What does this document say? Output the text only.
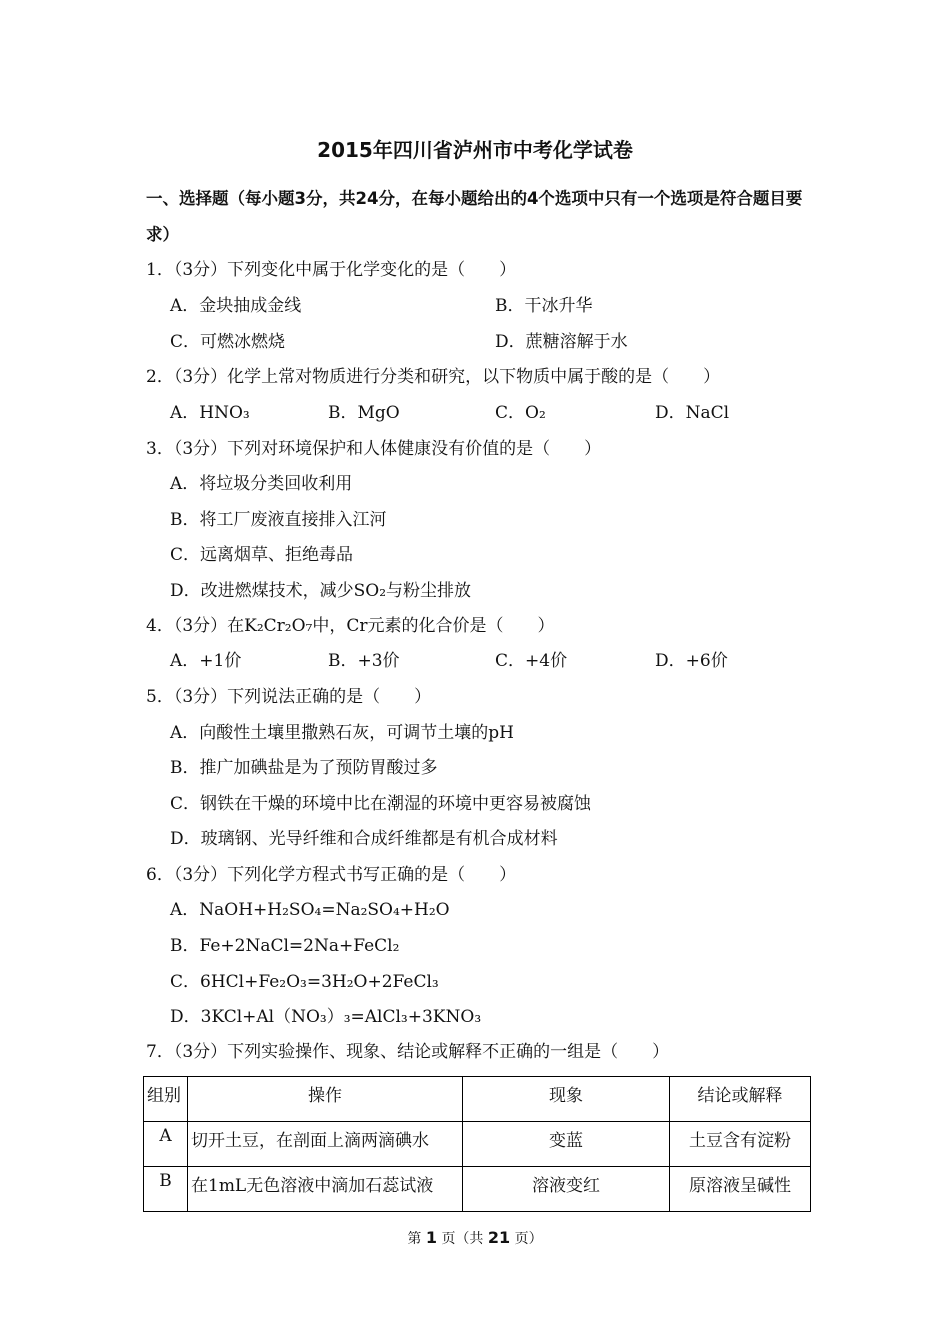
2015年四川省泸州市中考化学试卷
一、选择题（每小题3分，共24分，在每小题给出的4个选项中只有一个选项是符合题目要求）
1．（3分）下列变化中属于化学变化的是（　　）
A．金块抽成金线	B．干冰升华
C．可燃冰燃烧	D．蔗糖溶解于水
2．（3分）化学上常对物质进行分类和研究，以下物质中属于酸的是（　　）
A．HNO₃	B．MgO	C．O₂	D．NaCl
3．（3分）下列对环境保护和人体健康没有价值的是（　　）
A．将垃圾分类回收利用
B．将工厂废液直接排入江河
C．远离烟草、拒绝毒品
D．改进燃煤技术，减少SO₂与粉尘排放
4．（3分）在K₂Cr₂O₇中，Cr元素的化合价是（　　）
A．+1价	B．+3价	C．+4价	D．+6价
5．（3分）下列说法正确的是（　　）
A．向酸性土壤里撒熟石灰，可调节土壤的pH
B．推广加碘盐是为了预防胃酸过多
C．钢铁在干燥的环境中比在潮湿的环境中更容易被腐蚀
D．玻璃钢、光导纤维和合成纤维都是有机合成材料
6．（3分）下列化学方程式书写正确的是（　　）
A．NaOH+H₂SO₄=Na₂SO₄+H₂O
B．Fe+2NaCl=2Na+FeCl₂
C．6HCl+Fe₂O₃=3H₂O+2FeCl₃
D．3KCl+Al（NO₃）₃=AlCl₃+3KNO₃
7．（3分）下列实验操作、现象、结论或解释不正确的一组是（　　）
组别	操作	现象	结论或解释
A	切开土豆，在剖面上滴两滴碘水	变蓝	土豆含有淀粉
B	在1mL无色溶液中滴加石蕊试液	溶液变红	原溶液呈碱性
第 1 页（共 21 页）
